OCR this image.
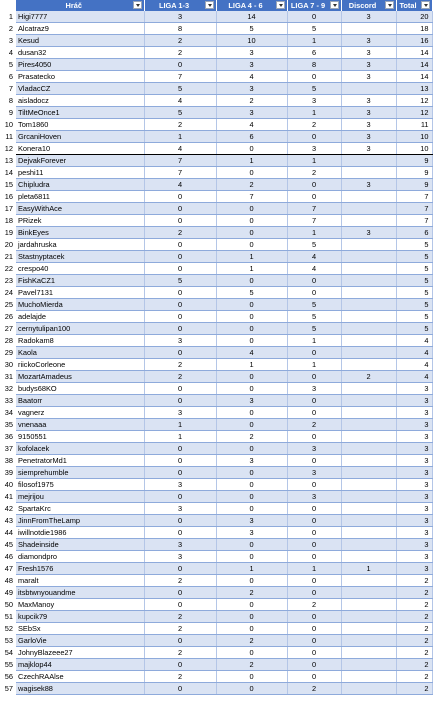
	Hráč	LIGA 1-3	LIGA 4 - 6	LIGA 7 - 9	Discord	Total

1	Higi7777	3	14	0	3	20
2	Alcatraz9	8	5	5		18
3	Kesud	2	10	1	3	16
4	dusan32	2	3	6	3	14
5	Pires4050	0	3	8	3	14
6	Prasatecko	7	4	0	3	14
7	VladacCZ	5	3	5		13
8	aisladocz	4	2	3	3	12
9	TiltMeOnce1	5	3	1	3	12
10	Tom1860	2	4	2	3	11
11	GrcaniHoven	1	6	0	3	10
12	Konera10	4	0	3	3	10
13	DejvakForever	7	1	1		9
14	peshi11	7	0	2		9
15	Chipludra	4	2	0	3	9
16	pleta6811	0	7	0		7
17	EasyWithAce	0	0	7		7
18	PRizek	0	0	7		7
19	BinkEyes	2	0	1	3	6
20	jardahruska	0	0	5		5
21	Stastnyptacek	0	1	4		5
22	crespo40	0	1	4		5
23	FishKaCZ1	5	0	0		5
24	Pavel7131	0	5	0		5
25	MuchoMierda	0	0	5		5
26	adelajde	0	0	5		5
27	cernytulipan100	0	0	5		5
28	Radokam8	3	0	1		4
29	Kaola	0	4	0		4
30	riickoCorleone	2	1	1		4
31	MozartAmadeus	2	0	0	2	4
32	budys68KO	0	0	3		3
33	Baatorr	0	3	0		3
34	vagnerz	3	0	0		3
35	vnenaaa	1	0	2		3
36	9150551	1	2	0		3
37	kofolacek	0	0	3		3
38	PenetratorMd1	0	3	0		3
39	siemprehumble	0	0	3		3
40	filosof1975	3	0	0		3
41	mejrijou	0	0	3		3
42	SpartaKrc	3	0	0		3
43	JinnFromTheLamp	0	3	0		3
44	iwillnotdie1986	0	3	0		3
45	Shadeinside	3	0	0		3
46	diamondpro	3	0	0		3
47	Fresh1576	0	1	1	1	3
48	maralt	2	0	0		2
49	itsbtwnyouandme	0	2	0		2
50	MaxManoy	0	0	2		2
51	kupcik79	2	0	0		2
52	SEbSx	2	0	0		2
53	GarloVie	0	2	0		2
54	JohnyBlazeee27	2	0	0		2
55	majklop44	0	2	0		2
56	CzechRAAlse	2	0	0		2
57	wagisek88	0	0	2		2
